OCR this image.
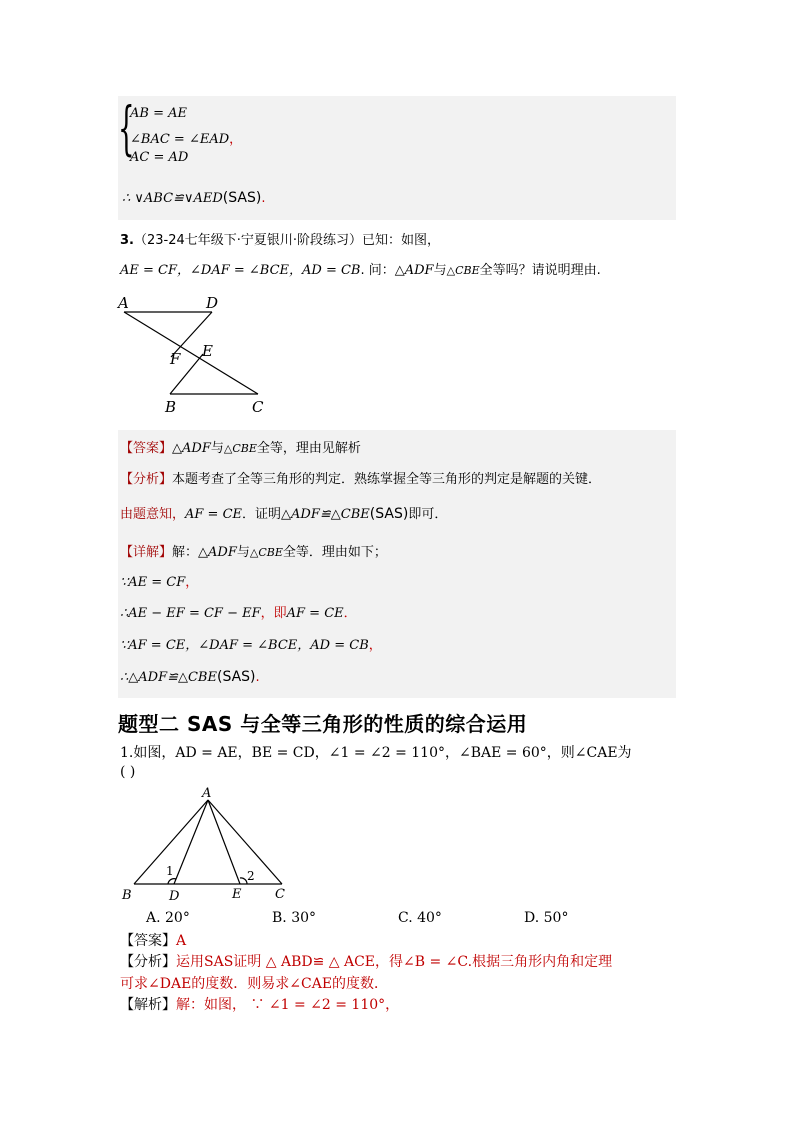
{
AB = AE
∠BAC = ∠EAD，
AC = AD
∴ ∨ABC≌∨AED(SAS).
3.（23-24七年级下·宁夏银川·阶段练习）已知：如图，
AE = CF，∠DAF = ∠BCE，AD = CB. 问：△ADF与△CBE全等吗？请说明理由.
A	D
F E
B	C
【答案】△ADF与△CBE全等，理由见解析
【分析】本题考查了全等三角形的判定．熟练掌握全等三角形的判定是解题的关键．
由题意知，AF = CE．证明△ADF≌△CBE(SAS)即可．
【详解】解：△ADF与△CBE全等．理由如下；
∵AE = CF，
∴AE − EF = CF − EF，即AF = CE．
∵AF = CE，∠DAF = ∠BCE，AD = CB，
∴△ADF≌△CBE(SAS).
题型二 SAS 与全等三角形的性质的综合运用
1.如图，AD = AE，BE = CD，∠1 = ∠2 = 110°，∠BAE = 60°，则∠CAE为
( )
A
B	D	E	C
1	2
A. 20°	B. 30°	C. 40°	D. 50°
【答案】A
【分析】运用SAS证明 △ ABD≌ △ ACE，得∠B = ∠C.根据三角形内角和定理
可求∠DAE的度数．则易求∠CAE的度数．
【解析】解：如图， ∵ ∠1 = ∠2 = 110°，
